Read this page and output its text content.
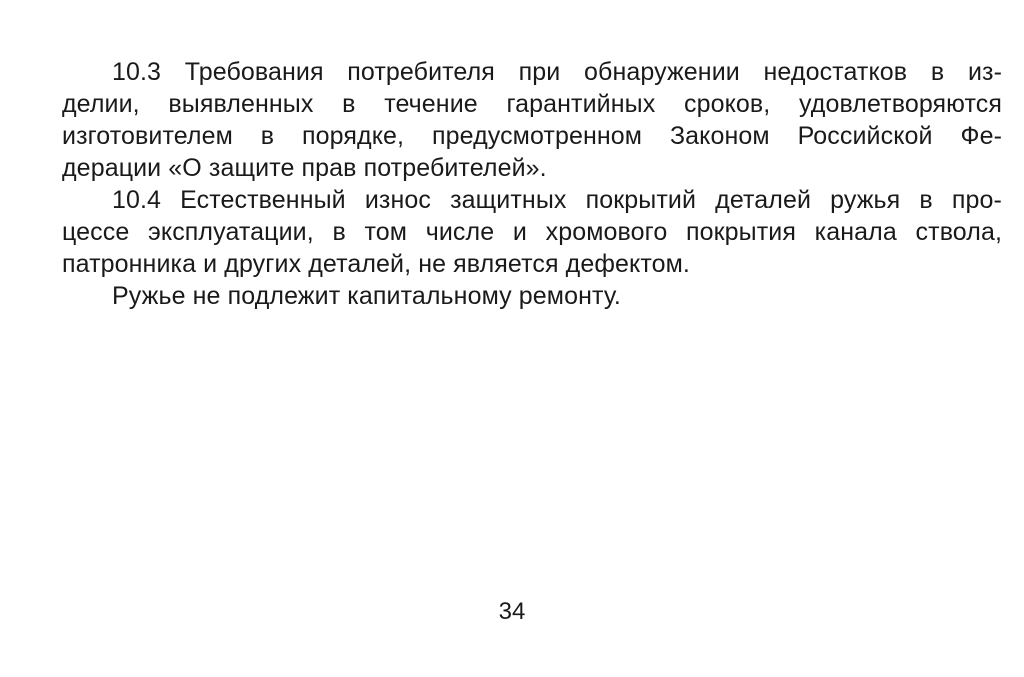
10.3 Требования потребителя при обнаружении недостатков в из-
делии, выявленных в течение гарантийных сроков, удовлетворяются
изготовителем в порядке, предусмотренном Законом Российской Фе-
дерации «О защите прав потребителей».

10.4 Естественный износ защитных покрытий деталей ружья в про-
цессе эксплуатации, в том числе и хромового покрытия канала ствола,
патронника и других деталей, не является дефектом.

Ружье не подлежит капитальному ремонту.

34
